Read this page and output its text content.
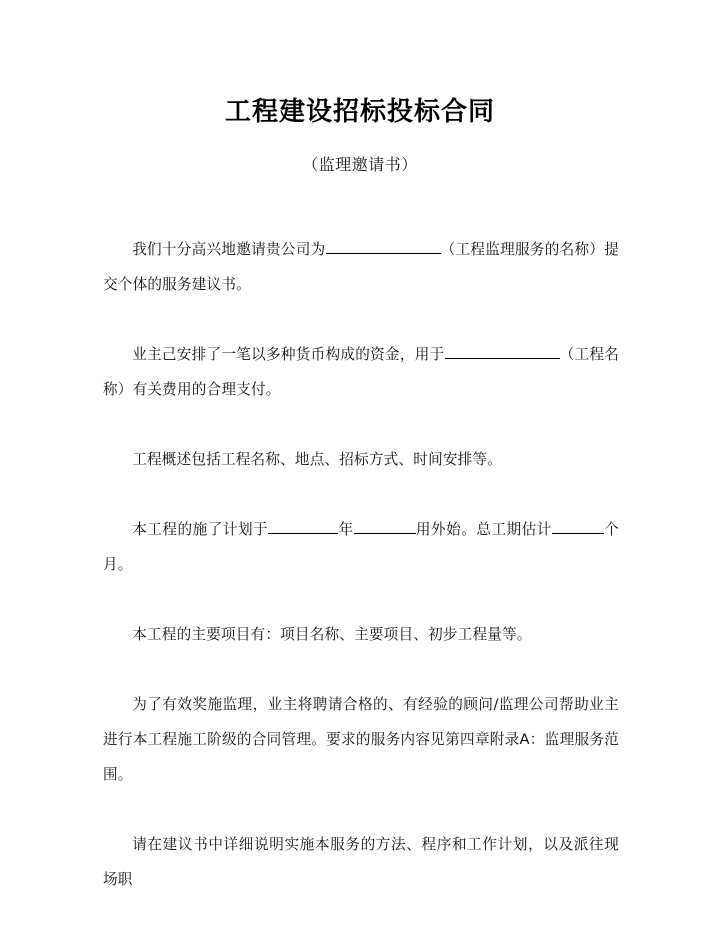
工程建设招标投标合同
（监理邀请书）

我们十分高兴地邀请贵公司为	（工程监理服务的名称）提交个体的服务建议书。

业主己安排了一笔以多种货币构成的资金，用于	（工程名称）有关费用的合理支付。

工程概述包括工程名称、地点、招标方式、时间安排等。

本工程的施了计划于	年	用外始。总工期估计	个月。

本工程的主要项目有：项目名称、主要项目、初步工程量等。

为了有效奖施监理，业主将聘请合格的、有经验的顾问/监理公司帮助业主进行本工程施工阶级的合同管理。要求的服务内容见第四章附录A：监理服务范围。

请在建议书中详细说明实施本服务的方法、程序和工作计划，以及派往现场职
